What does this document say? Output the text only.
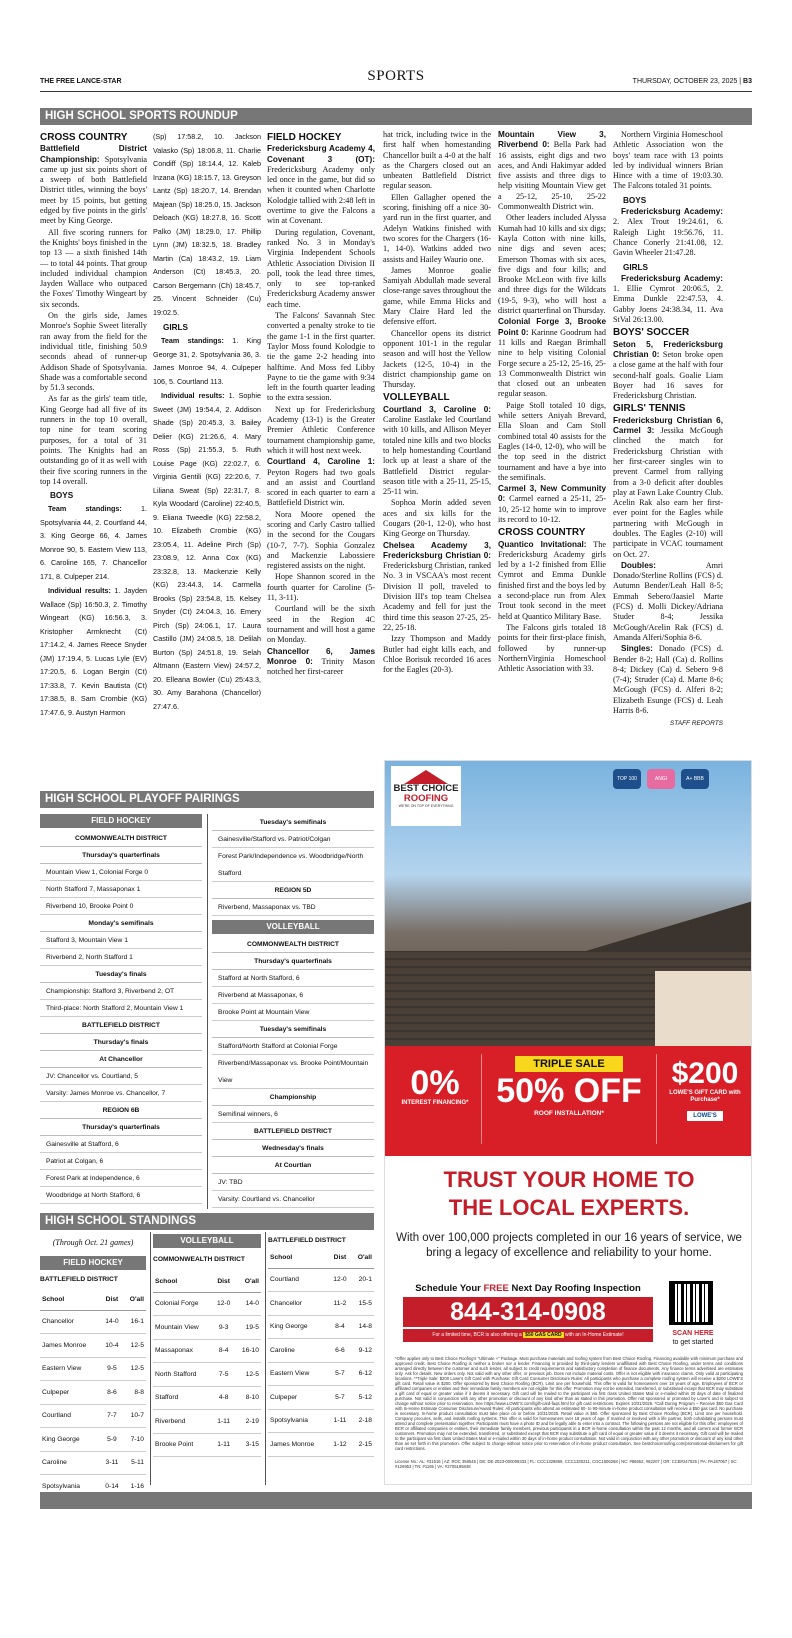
THE FREE LANCE-STAR	SPORTS	THURSDAY, OCTOBER 23, 2025 | B3
HIGH SCHOOL SPORTS ROUNDUP
CROSS COUNTRY

Battlefield District Championship: Spotsylvania came up just six points short of a sweep of both Battlefield District titles, winning the boys' meet by 15 points, but getting edged by five points in the girls' meet by King George.

All five scoring runners for the Knights' boys finished in the top 13 — a sixth finished 14th — to total 44 points. That group included individual champion Jayden Wallace who outpaced the Foxes' Timothy Wingeart by six seconds.

On the girls side, James Monroe's Sophie Sweet literally ran away from the field for the individual title, finishing 50.9 seconds ahead of runner-up Addison Shade of Spotsylvania. Shade was a comfortable second by 51.3 seconds.

As far as the girls' team title, King George had all five of its runners in the top 10 overall, top nine for team scoring purposes, for a total of 31 points. The Knights had an outstanding go of it as well with their five scoring runners in the top 14 overall.

BOYS

Team standings: 1. Spotsylvania 44, 2. Courtland 44, 3. King George 66, 4. James Monroe 90, 5. Eastern View 113, 6. Caroline 165, 7. Chancellor 171, 8. Culpeper 214.

Individual results: 1. Jayden Wallace (Sp) 16:50.3, 2. Timothy Wingeart (KG) 16:56.3, 3. Kristopher Armknecht (Ct) 17:14.2, 4. James Reece Snyder (JM) 17:19.4, 5. Lucas Lyle (EV) 17:20.5, 6. Logan Bergin (Ct) 17:33.8, 7. Kevin Bautista (Ct) 17:38.5, 8. Sam Crombie (KG) 17:47.6, 9. Austyn Harmon

(Sp) 17:58.2, 10. Jackson Valasko (Sp) 18:06.8, 11. Charlie Condiff (Sp) 18:14.4, 12. Kaleb Inzana (KG) 18:15.7, 13. Greyson Lantz (Sp) 18:20.7, 14. Brendan Majean (Sp) 18:25.0, 15. Jackson Deloach (KG) 18:27.8, 16. Scott Palko (JM) 18:29.0, 17. Phillip Lynn (JM) 18:32.5, 18. Bradley Martin (Ca) 18:43.2, 19. Liam Anderson (Ct) 18:45.3, 20. Carson Bergemann (Ch) 18:45.7, 25. Vincent Schneider (Cu) 19:02.5.

GIRLS

Team standings: 1. King George 31, 2. Spotsylvania 36, 3. James Monroe 94, 4. Culpeper 106, 5. Courtland 113.

Individual results: 1. Sophie Sweet (JM) 19:54.4, 2. Addison Shade (Sp) 20:45.3, 3. Bailey Delier (KG) 21:26.6, 4. Mary Ross (Sp) 21:55.3, 5. Ruth Louise Page (KG) 22:02.7, 6. Virginia Gentili (KG) 22:20.6, 7. Liliana Sweat (Sp) 22:31.7, 8. Kyla Woodard (Caroline) 22:40.5, 9. Eliana Tweedle (KG) 22:58.2, 10. Elizabeth Crombie (KG) 23:05.4, 11. Adeline Pirch (Sp) 23:08.9, 12. Anna Cox (KG) 23:32.8, 13. Mackenzie Kelly (KG) 23:44.3, 14. Carmella Brooks (Sp) 23:54.8, 15. Kelsey Snyder (Ct) 24:04.3, 16. Emery Pirch (Sp) 24:06.1, 17. Laura Castillo (JM) 24:08.5, 18. Delilah Burton (Sp) 24:51.8, 19. Selah Altmann (Eastern View) 24:57.2, 20. Elleana Bowler (Cu) 25:43.3, 30. Amy Barahona (Chancellor) 27:47.6.

FIELD HOCKEY

Fredericksburg Academy 4, Covenant 3 (OT): Fredericksburg Academy only led once in the game, but did so when it counted when Charlotte Kolodgie tallied with 2:48 left in overtime to give the Falcons a win at Covenant.

During regulation, Covenant, ranked No. 3 in Monday's Virginia Independent Schools Athletic Association Division II poll, took the lead three times, only to see top-ranked Fredericksburg Academy answer each time.

The Falcons' Savannah Stec converted a penalty stroke to tie the game 1-1 in the first quarter. Taylor Moss found Kolodgie to tie the game 2-2 heading into halftime. And Moss fed Libby Payne to tie the game with 9:34 left in the fourth quarter leading to the extra session.

Next up for Fredericksburg Academy (13-1) is the Greater Premier Athletic Conference tournament championship game, which it will host next week.

Courtland 4, Caroline 1: Peyton Rogers had two goals and an assist and Courtland scored in each quarter to earn a Battlefield District win.

Nora Moore opened the scoring and Carly Castro tallied in the second for the Cougars (10-7, 7-7). Sophia Gonzalez and Mackenzie Labossiere registered assists on the night.

Hope Shannon scored in the fourth quarter for Caroline (5-11, 3-11).

Courtland will be the sixth seed in the Region 4C tournament and will host a game on Monday.

Chancellor 6, James Monroe 0: Trinity Mason notched her first-career

hat trick, including twice in the first half when homestanding Chancellor built a 4-0 at the half as the Chargers closed out an unbeaten Battlefield District regular season.

Ellen Gallagher opened the scoring, finishing off a nice 30-yard run in the first quarter, and Adelyn Watkins finished with two scores for the Chargers (16-1, 14-0). Watkins added two assists and Hailey Waurio one.

James Monroe goalie Samiyah Abdullah made several close-range saves throughout the game, while Emma Hicks and Mary Claire Hard led the defensive effort.

Chancellor opens its district opponent 101-1 in the regular season and will host the Yellow Jackets (12-5, 10-4) in the district championship game on Thursday.

VOLLEYBALL

Courtland 3, Caroline 0: Caroline Eastlake led Courtland with 10 kills, and Allison Meyer totaled nine kills and two blocks to help homestanding Courtland lock up at least a share of the Battlefield District regular-season title with a 25-11, 25-15, 25-11 win.

Sophoa Morin added seven aces and six kills for the Cougars (20-1, 12-0), who host King George on Thursday.

Chelsea Academy 3, Fredericksburg Christian 0: Fredericksburg Christian, ranked No. 3 in VSCAA's most recent Division II poll, traveled to Division III's top team Chelsea Academy and fell for just the third time this season 27-25, 25-22, 25-18.

Izzy Thompson and Maddy Butler had eight kills each, and Chloe Borisuk recorded 16 aces for the Eagles (20-3).

Mountain View 3, Riverbend 0: Bella Park had 16 assists, eight digs and two aces, and Andi Hakimyar added five assists and three digs to help visiting Mountain View get a 25-12, 25-10, 25-22 Commonwealth District win.

Other leaders included Alyssa Kumah had 10 kills and six digs; Kayla Cotton with nine kills, nine digs and seven aces; Emerson Thomas with six aces, five digs and four kills; and Brooke McLeon with five kills and three digs for the Wildcats (19-5, 9-3), who will host a district quarterfinal on Thursday.

Colonial Forge 3, Brooke Point 0: Karinne Goodrum had 11 kills and Raegan Brimhall nine to help visiting Colonial Forge secure a 25-12, 25-16, 25-13 Commonwealth District win that closed out an unbeaten regular season.

Paige Stoll totaled 10 digs, while setters Aniyah Brevard, Ella Sloan and Cam Stoll combined total 40 assists for the Eagles (14-0, 12-0), who will be the top seed in the district tournament and have a bye into the semifinals.

Carmel 3, New Community 0: Carmel earned a 25-11, 25-10, 25-12 home win to improve its record to 10-12.

CROSS COUNTRY

Quantico Invitational: The Fredericksburg Academy girls led by a 1-2 finished from Ellie Cymrot and Emma Dunkle finished first and the boys led by a second-place run from Alex Trout took second in the meet held at Quantico Military Base.

The Falcons girls totaled 18 points for their first-place finish, followed by runner-up NorthernVirginia Homeschool Athletic Association with 33.

Northern Virginia Homeschool Athletic Association won the boys' team race with 13 points led by individual winners Brian Hince with a time of 19:03.30. The Falcons totaled 31 points.

BOYS

Fredericksburg Academy: 2. Alex Trout 19:24.61, 6. Raleigh Light 19:56.76, 11. Chance Conerly 21:41.08, 12. Gavin Wheeler 21:47.28.

GIRLS

Fredericksburg Academy: 1. Ellie Cymrot 20:06.5, 2. Emma Dunkle 22:47.53, 4. Gabby Joens 24:38.34, 11. Ava StVal 26:13.00.

BOYS' SOCCER

Seton 5, Fredericksburg Christian 0: Seton broke open a close game at the half with four second-half goals. Goalie Liam Boyer had 16 saves for Fredericksburg Christian.

GIRLS' TENNIS

Fredericksburg Christian 6, Carmel 3: Jessika McGough clinched the match for Fredericksburg Christian with her first-career singles win to prevent Carmel from rallying from a 3-0 deficit after doubles play at Fawn Lake Country Club. Acelin Rak also earn her first-ever point for the Eagles while partnering with McGough in doubles. The Eagles (2-10) will participate in VCAC tournament on Oct. 27.

Doubles: Amri Donado/Sterline Rollins (FCS) d. Autumn Bender/Leah Hall 8-5; Emmah Sebero/Jaasiel Marte (FCS) d. Molli Dickey/Adriana Studer 8-4; Jessika McGough/Acelin Rak (FCS) d. Amanda Alferi/Sophia 8-6.

Singles: Donado (FCS) d. Bender 8-2; Hall (Ca) d. Rollins 8-4; Dickey (Ca) d. Sebero 9-8 (7-4); Struder (Ca) d. Marte 8-6; McGough (FCS) d. Alferi 8-2; Elizabeth Esunge (FCS) d. Leah Harris 8-6.

STAFF REPORTS
HIGH SCHOOL PLAYOFF PAIRINGS
FIELD HOCKEY
COMMONWEALTH DISTRICT
Thursday's quarterfinals
Mountain View 1, Colonial Forge 0
North Stafford 7, Massaponax 1
Riverbend 10, Brooke Point 0
Monday's semifinals
Stafford 3, Mountain View 1
Riverbend 2, North Stafford 1
Tuesday's finals
Championship: Stafford 3, Riverbend 2, OT
Third-place: North Stafford 2, Mountain View 1
BATTLEFIELD DISTRICT
Thursday's finals
At Chancellor
JV: Chancellor vs. Courtland, 5
Varsity: James Monroe vs. Chancellor, 7
REGION 6B
Thursday's quarterfinals
Gainesville at Stafford, 6
Patriot at Colgan, 6
Forest Park at Independence, 6
Woodbridge at North Stafford, 6
Tuesday's semifinals
Gainesville/Stafford vs. Patriot/Colgan
Forest Park/Independence vs. Woodbridge/North Stafford
REGION 5D
Riverbend, Massaponax vs. TBD
VOLLEYBALL
COMMONWEALTH DISTRICT
Thursday's quarterfinals
Stafford at North Stafford, 6
Riverbend at Massaponax, 6
Brooke Point at Mountain View
Tuesday's semifinals
Stafford/North Stafford at Colonial Forge
Riverbend/Massaponax vs. Brooke Point/Mountain View
Championship
Semifinal winners, 6
BATTLEFIELD DISTRICT
Wednesday's finals
At Courtlan
JV: TBD
Varsity: Courtland vs. Chancellor
HIGH SCHOOL STANDINGS
(Through Oct. 21 games)
FIELD HOCKEY
BATTLEFIELD DISTRICT
School	Dist	O'all
Chancellor	14-0	16-1
James Monroe	10-4	12-5
Eastern View	9-5	12-5
Culpeper	8-6	8-8
Courtland	7-7	10-7
King George	5-9	7-10
Caroline	3-11	5-11
Spotsylvania	0-14	1-16
VOLLEYBALL
COMMONWEALTH DISTRICT
School	Dist	O'all
Colonial Forge	12-0	14-0
Mountain View	9-3	19-5
Massaponax	8-4	16-10
North Stafford	7-5	12-5
Stafford	4-8	8-10
Riverbend	1-11	2-19
Brooke Point	1-11	3-15
BATTLEFIELD DISTRICT
School	Dist	O'all
Courtland	12-0	20-1
Chancellor	11-2	15-5
King George	8-4	14-8
Caroline	6-6	9-12
Eastern View	5-7	6-12
Culpeper	5-7	5-12
Spotsylvania	1-11	2-18
James Monroe	1-12	2-15
BEST CHOICE
ROOFING
WE'RE ON TOP OF EVERYTHING
TOP 100	ANGI	A+ BBB
0%
INTEREST FINANCING*
TRIPLE SALE
50% OFF
ROOF INSTALLATION*
$200
LOWE'S GIFT CARD with Purchase*
LOWE'S
TRUST YOUR HOME TO
THE LOCAL EXPERTS.
With over 100,000 projects completed in our 16 years of service, we bring a legacy of excellence and reliability to your home.
Schedule Your FREE Next Day Roofing Inspection
844-314-0908
For a limited time, BCR is also offering a $50 GAS CARD with an In-Home Estimate!	SCAN HERE
to get started
*Offer applies only to Best Choice Roofing's "Ultimate +" Package. Must purchase materials and roofing system from Best Choice Roofing. Financing available with minimum purchase and approved credit. Best Choice Roofing is neither a broker nor a lender. Financing is provided by third-party lenders unaffiliated with Best Choice Roofing, under terms and conditions arranged directly between the customer and such lender, all subject to credit requirements and satisfactory completion of finance documents. Any finance terms advertised are estimates only. Ask for details. New orders only. Not valid with any other offer, or previous job. Does not include material costs. Offer is not eligible with insurance claims. Only valid at participating locations. **Triple Sale: $200 Lowe's Gift Card with Purchase: Gift Card Consumer Disclosure Rules: All participants who purchase a complete roofing system will receive a $200 LOWE'S gift card. Retail value is $200. Offer sponsored by Best Choice Roofing (BCR). Limit one per household. This offer is valid for homeowners over 18 years of age. Employees of BCR or affiliated companies or entities and their immediate family members are not eligible for this offer. Promotion may not be extended, transferred, or substituted except that BCR may substitute a gift card of equal or greater value if it deems it necessary. Gift card will be mailed to the participant via first class United States Mail or e-mailed within 30 days of date of finalized purchase. Not valid in conjunction with any other promotion or discount of any kind other than as stated in this promotion. Offer not sponsored or promoted by Lowe's and is subject to change without notice prior to reservation. See https://www.LOWE'S.com/l/gift-card-faqs.html for gift card restrictions. Expires 10/31/2025. *Call During Program – Receive $50 Gas Card with In-Home Estimate Consumer Disclosure/Award Rules: All participants who attend an estimated 60- to 90-minute in-home product consultation will receive a $50 gas card. No purchase is necessary. In-home product consultation must take place on or before 10/31/2025. Retail value is $50. Offer sponsored by Best Choice Roofing (BCR). Limit one per household. Company procures, sells, and installs roofing systems. This offer is valid for homeowners over 18 years of age. If married or involved with a life partner, both cohabitating persons must attend and complete presentation together. Participants must have a photo ID and be legally able to enter into a contract. The following persons are not eligible for this offer: employees of BCR or affiliated companies or entities, their immediate family members, previous participants in a BCR in-home consultation within the past 12 months, and all current and former BCR customers. Promotion may not be extended, transferred, or substituted except that BCR may substitute a gift card of equal or greater value if it deems it necessary. Gift card will be mailed to the participant via first class United States Mail or e-mailed within 30 days of in-home product consultation. Not valid in conjunction with any other promotion or discount of any kind other than as set forth in this promotion. Offer subject to change without notice prior to reservation of in-home product consultation. See bestchoiceroofing.com/promotional-disclaimers for gift card restrictions.
License No.: AL: #31516 | AZ: ROC 358545 | DE: DE-2023-000009333 | FL: CCC1329859, CCC1330211, CGC1506268 | NC: #86552, #82207 | OR: CCB#247525 | PA: PA187067 | SC: #126953 | TN: #1165 | VA: #2705195848
